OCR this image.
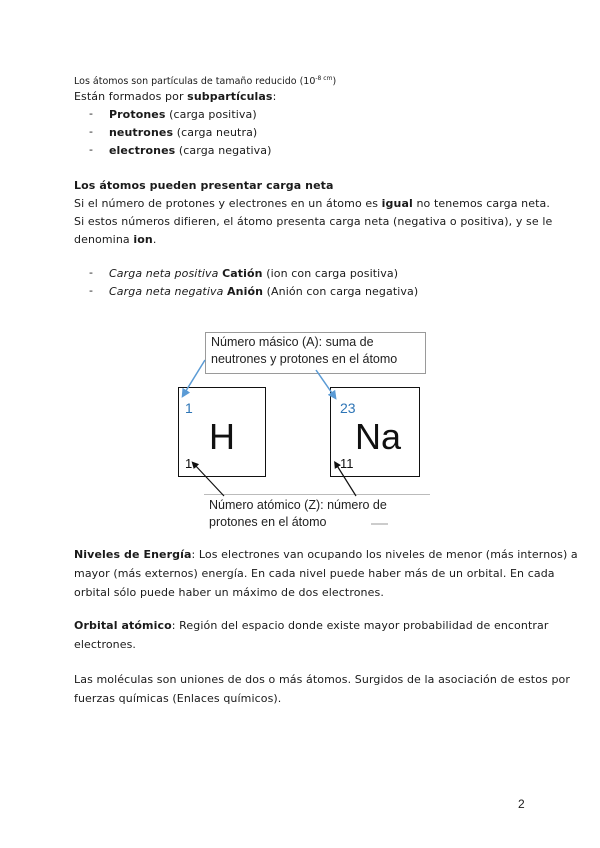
Los átomos son partículas de tamaño reducido $(10^{-8 cm})$
Están formados por subpartículas:
- Protones (carga positiva)
- neutrones (carga neutra)
- electrones (carga negativa)
Los átomos pueden presentar carga neta
Si el número de protones y electrones en un átomo es igual no tenemos carga neta.
Si estos números difieren, el átomo presenta carga neta (negativa o positiva), y se le
denomina ion.
- Carga neta positiva Catión (ion con carga positiva)
- Carga neta negativa Anión (Anión con carga negativa)
Número másico (A): suma de
neutrones y protones en el átomo
1
H
1
23
Na
11
Número atómico (Z): número de
protones en el átomo
Niveles de Energía: Los electrones van ocupando los niveles de menor (más internos) a
mayor (más externos) energía. En cada nivel puede haber más de un orbital. En cada
orbital sólo puede haber un máximo de dos electrones.
Orbital atómico: Región del espacio donde existe mayor probabilidad de encontrar
electrones.
Las moléculas son uniones de dos o más átomos. Surgidos de la asociación de estos por
fuerzas químicas (Enlaces químicos).
2
